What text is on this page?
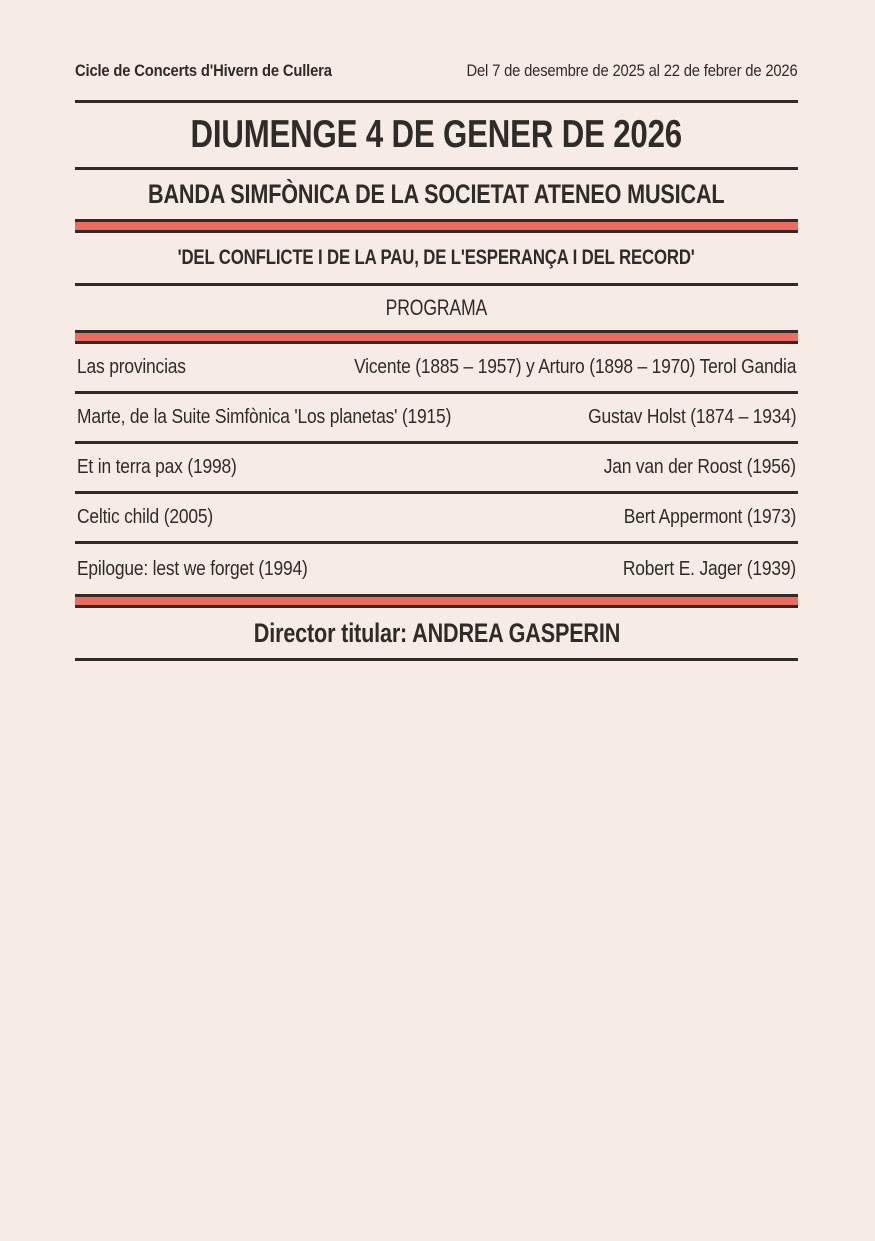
Cicle de Concerts d'Hivern de Cullera	Del 7 de desembre de 2025 al 22 de febrer de 2026
DIUMENGE 4 DE GENER DE 2026
BANDA SIMFÒNICA DE LA SOCIETAT ATENEO MUSICAL
'DEL CONFLICTE I DE LA PAU, DE L'ESPERANÇA I DEL RECORD'
PROGRAMA
Las provincias	Vicente (1885 – 1957) y Arturo (1898 – 1970) Terol Gandia
Marte, de la Suite Simfònica 'Los planetas' (1915)	Gustav Holst (1874 – 1934)
Et in terra pax (1998)	Jan van der Roost (1956)
Celtic child (2005)	Bert Appermont (1973)
Epilogue: lest we forget (1994)	Robert E. Jager (1939)
Director titular: ANDREA GASPERIN
